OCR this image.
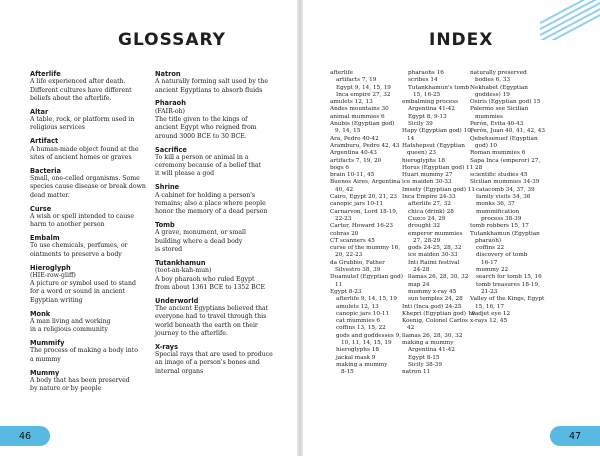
GLOSSARY
Afterlife
A life experienced after death.
Different cultures have different
beliefs about the afterlife.
Altar
A table, rock, or platform used in
religious services
Artifact
A human-made object found at the
sites of ancient homes or graves
Bacteria
Small, one-celled organisms. Some
species cause disease or break down
dead matter.
Curse
A wish or spell intended to cause
harm to another person
Embalm
To use chemicals, perfumes, or
ointments to preserve a body
Hieroglyph
(HIE-row-gliff)
A picture or symbol used to stand
for a word or sound in ancient
Egyptian writing
Monk
A man living and working
in a religious community
Mummify
The process of making a body into
a mummy
Mummy
A body that has been preserved
by nature or by people
Natron
A naturally forming salt used by the
ancient Egyptians to absorb fluids
Pharaoh
(FAIR-oh)
The title given to the kings of
ancient Egypt who reigned from
around 3000 BCE to 30 BCE.
Sacrifice
To kill a person or animal in a
ceremony because of a belief that
it will please a god
Shrine
A cabinet for holding a person's
remains; also a place where people
honor the memory of a dead person
Tomb
A grave, monument, or small
building where a dead body
is stored
Tutankhamun
(toot-an-kah-mun)
A boy pharaoh who ruled Egypt
from about 1361 BCE to 1352 BCE
Underworld
The ancient Egyptians believed that
everyone had to travel through this
world beneath the earth on their
journey to the afterlife.
X-rays
Special rays that are used to produce
an image of a person's bones and
internal organs
46
INDEX
47
afterlife
artifacts 7, 19
Egypt 9, 14, 15, 19
Inca empire 27, 32
amulets 12, 13
Andes mountains 30
animal mummies 6
Anubis (Egyptian god)
9, 14, 15
Ara, Pedro 40-42
Aramburu, Pedro 42, 43
Argentina 40-43
artifacts 7, 19, 20
bogs 6
brain 10-11, 45
Buenos Aires, Argentina
40, 42
Cairo, Egypt 20, 21, 23
canopic jars 10-11
Carnarvon, Lord 18-19,
22-23
Carter, Howard 16-23
cobras 20
CT scanners 45
curse of the mummy 16,
20, 22-23
da Grubbio, Father
Silvestro 38, 39
Duamutef (Egyptian god)
11
Egypt 8-23
afterlife 9, 14, 15, 19
amulets 12, 13
canopic jars 10-11
cat mummies 6
coffins 13, 15, 22
gods and goddesses 9,
10, 11, 14, 15, 19
hieroglyphs 18
jackal mask 9
making a mummy
8-15
pharaohs 16
scribes 14
Tutankhamun's tomb
15, 16-25
embalming process
Argentina 41-42
Egypt 8, 9-13
Sicily 39
Hapy (Egyptian god) 10,
14
Hatshepsut (Egyptian
queen) 23
hieroglyphs 18
Horus (Egyptian god) 11
Huari mummy 27
ice maiden 30-33
Imsety (Egyptian god) 11
Inca Empire 24-33
afterlife 27, 32
chica (drink) 28
Cuzco 24, 29
drought 32
emperor mummies
27, 28-29
gods 24-25, 28, 32
ice maiden 30-33
Inti Raimi festival
24-28
llamas 26, 28, 30, 32
map 24
mummy x-ray 45
sun temples 24, 28
Inti (Inca god) 24-25
Khepri (Egyptian god) 19
Koenig, Colonel Carlos
42
llamas 26, 28, 30, 32
making a mummy
Argentina 41-42
Egypt 8-15
Sicily 38-39
natron 11
naturally preserved
bodies 6, 33
Nekhabet (Egyptian
goddess) 19
Osiris (Egyptian god) 15
Palermo see Sicilian
mummies
Perón, Evita 40-43
Perón, Juan 40, 41, 42, 43
Qebehsenuef (Egyptian
god) 10
Roman mummies 6
Sapa Inca (emperor) 27,
28
scientific studies 45
Sicilian mummies 34-39
catacomb 34, 37, 39
family visits 34, 36
monks 36, 37
mummification
process 38-39
tomb robbers 15, 17
Tutankhamun (Egyptian
pharaoh)
coffins 22
discovery of tomb
16-17
mummy 22
search for tomb 15, 16
tomb treasures 18-19,
21-23
Valley of the Kings, Egypt
15, 16, 17
wadjet eye 12
x-rays 12, 45
